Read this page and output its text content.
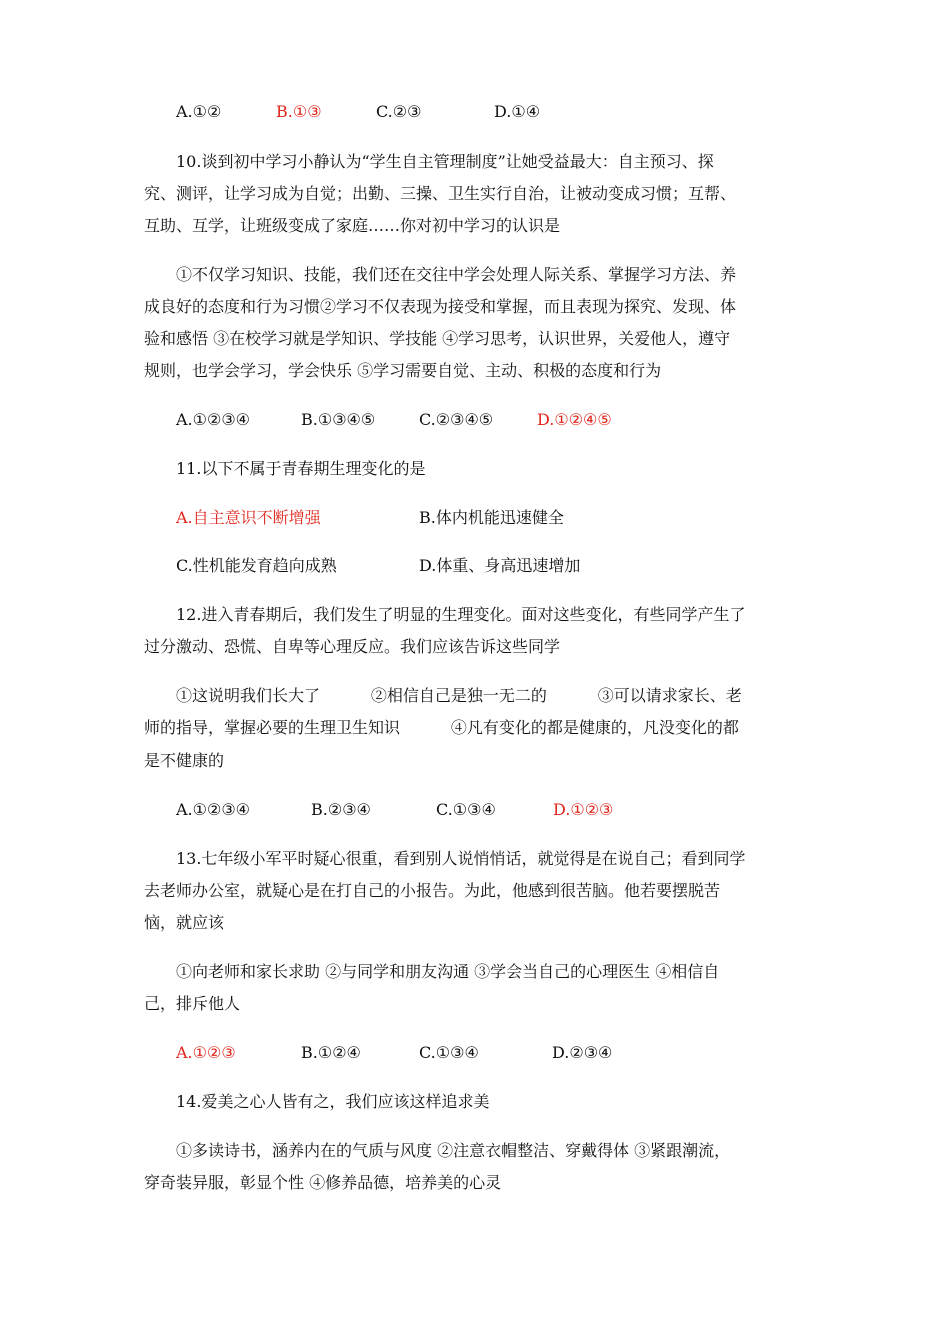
A.①②	B.①③	C.②③	D.①④
10.谈到初中学习小静认为“学生自主管理制度”让她受益最大：自主预习、探
究、测评，让学习成为自觉；出勤、三操、卫生实行自治，让被动变成习惯；互帮、
互助、互学，让班级变成了家庭……你对初中学习的认识是
①不仅学习知识、技能，我们还在交往中学会处理人际关系、掌握学习方法、养
成良好的态度和行为习惯②学习不仅表现为接受和掌握，而且表现为探究、发现、体
验和感悟 ③在校学习就是学知识、学技能 ④学习思考，认识世界，关爱他人，遵守
规则，也学会学习，学会快乐 ⑤学习需要自觉、主动、积极的态度和行为
A.①②③④	B.①③④⑤	C.②③④⑤	D.①②④⑤
11.以下不属于青春期生理变化的是
A.自主意识不断增强	B.体内机能迅速健全
C.性机能发育趋向成熟	D.体重、身高迅速增加
12.进入青春期后，我们发生了明显的生理变化。面对这些变化，有些同学产生了
过分激动、恐慌、自卑等心理反应。我们应该告诉这些同学
①这说明我们长大了          ②相信自己是独一无二的          ③可以请求家长、老
师的指导，掌握必要的生理卫生知识          ④凡有变化的都是健康的，凡没变化的都
是不健康的
A.①②③④	B.②③④	C.①③④	D.①②③
13.七年级小军平时疑心很重，看到别人说悄悄话，就觉得是在说自己；看到同学
去老师办公室，就疑心是在打自己的小报告。为此，他感到很苦脑。他若要摆脱苦
恼，就应该
①向老师和家长求助 ②与同学和朋友沟通 ③学会当自己的心理医生 ④相信自
己，排斥他人
A.①②③	B.①②④	C.①③④	D.②③④
14.爱美之心人皆有之，我们应该这样追求美
①多读诗书，涵养内在的气质与风度 ②注意衣帽整洁、穿戴得体 ③紧跟潮流，
穿奇装异服，彰显个性 ④修养品德，培养美的心灵
